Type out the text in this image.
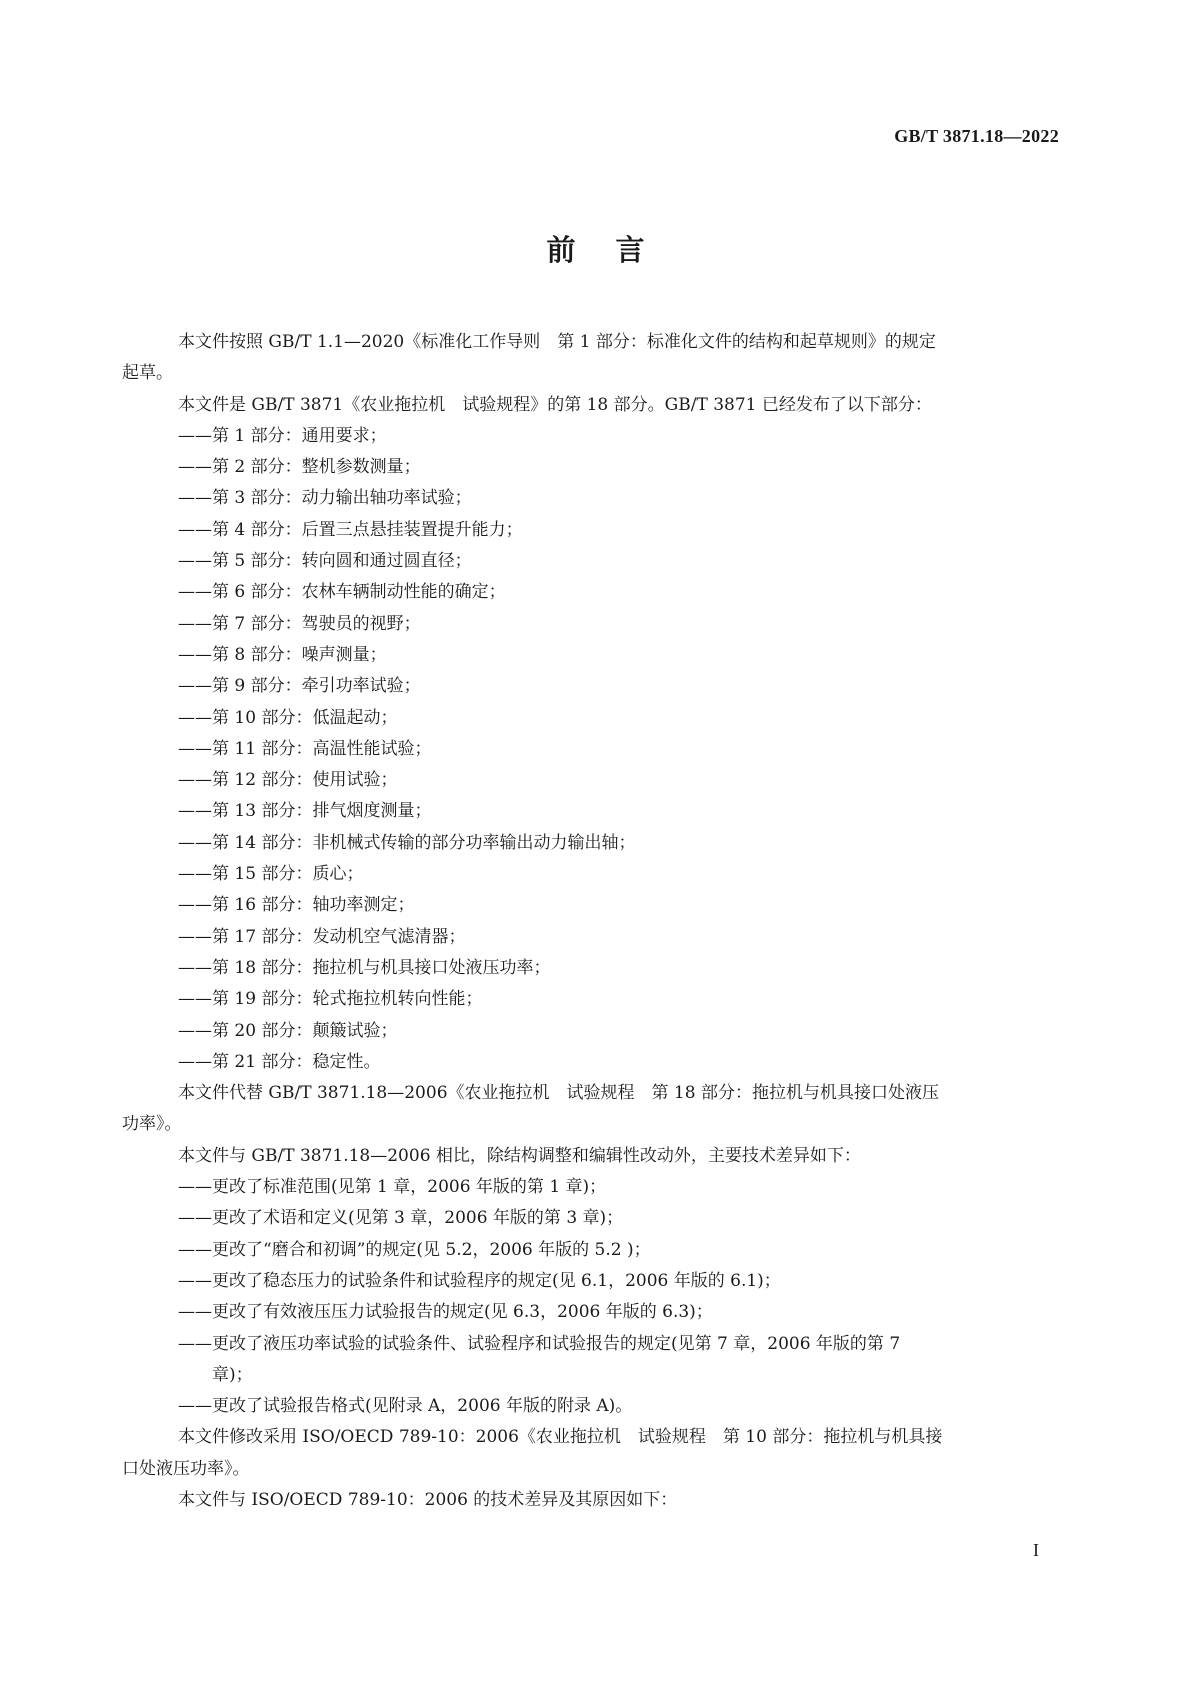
GB/T 3871.18—2022
前言

本文件按照 GB/T 1.1—2020《标准化工作导则　第 1 部分：标准化文件的结构和起草规则》的规定

起草。

本文件是 GB/T 3871《农业拖拉机　试验规程》的第 18 部分。GB/T 3871 已经发布了以下部分：

——第 1 部分：通用要求；

——第 2 部分：整机参数测量；

——第 3 部分：动力输出轴功率试验；

——第 4 部分：后置三点悬挂装置提升能力；

——第 5 部分：转向圆和通过圆直径；

——第 6 部分：农林车辆制动性能的确定；

——第 7 部分：驾驶员的视野；

——第 8 部分：噪声测量；

——第 9 部分：牵引功率试验；

——第 10 部分：低温起动；

——第 11 部分：高温性能试验；

——第 12 部分：使用试验；

——第 13 部分：排气烟度测量；

——第 14 部分：非机械式传输的部分功率输出动力输出轴；

——第 15 部分：质心；

——第 16 部分：轴功率测定；

——第 17 部分：发动机空气滤清器；

——第 18 部分：拖拉机与机具接口处液压功率；

——第 19 部分：轮式拖拉机转向性能；

——第 20 部分：颠簸试验；

——第 21 部分：稳定性。

本文件代替 GB/T 3871.18—2006《农业拖拉机　试验规程　第 18 部分：拖拉机与机具接口处液压

功率》。

本文件与 GB/T 3871.18—2006 相比，除结构调整和编辑性改动外，主要技术差异如下：

——更改了标准范围(见第 1 章，2006 年版的第 1 章)；

——更改了术语和定义(见第 3 章，2006 年版的第 3 章)；

——更改了“磨合和初调”的规定(见 5.2，2006 年版的 5.2 )；

——更改了稳态压力的试验条件和试验程序的规定(见 6.1，2006 年版的 6.1)；

——更改了有效液压压力试验报告的规定(见 6.3，2006 年版的 6.3)；

——更改了液压功率试验的试验条件、试验程序和试验报告的规定(见第 7 章，2006 年版的第 7

章)；

——更改了试验报告格式(见附录 A，2006 年版的附录 A)。

本文件修改采用 ISO/OECD 789-10：2006《农业拖拉机　试验规程　第 10 部分：拖拉机与机具接

口处液压功率》。

本文件与 ISO/OECD 789-10：2006 的技术差异及其原因如下：

I
